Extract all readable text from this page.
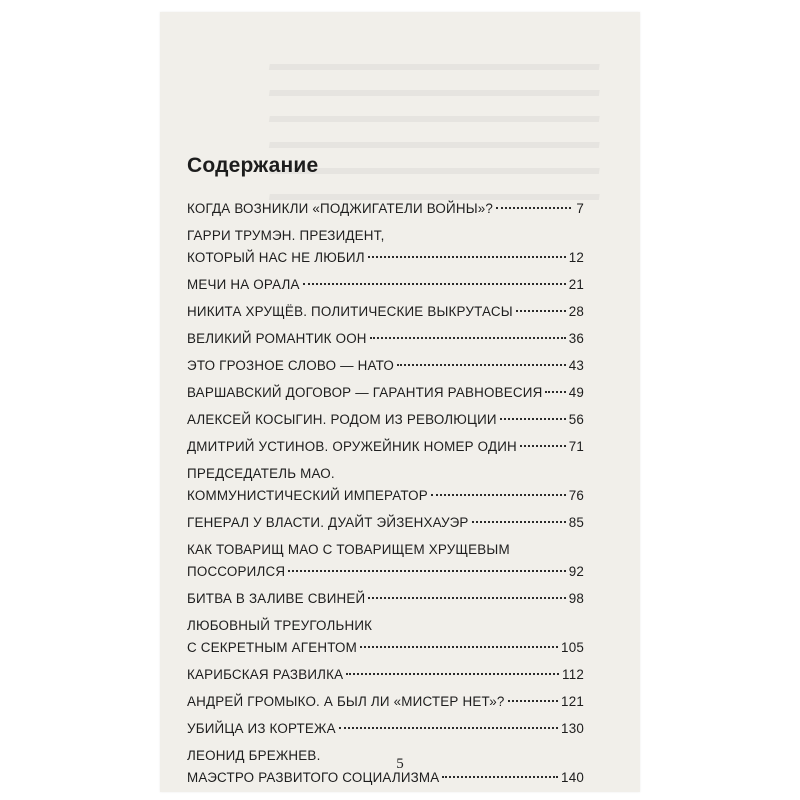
Содержание
КОГДА ВОЗНИКЛИ «ПОДЖИГАТЕЛИ ВОЙНЫ»?	7
ГАРРИ ТРУМЭН. ПРЕЗИДЕНТ,
КОТОРЫЙ НАС НЕ ЛЮБИЛ	12
МЕЧИ НА ОРАЛА	21
НИКИТА ХРУЩЁВ. ПОЛИТИЧЕСКИЕ ВЫКРУТАСЫ	28
ВЕЛИКИЙ РОМАНТИК ООН	36
ЭТО ГРОЗНОЕ СЛОВО — НАТО	43
ВАРШАВСКИЙ ДОГОВОР — ГАРАНТИЯ РАВНОВЕСИЯ 49
АЛЕКСЕЙ КОСЫГИН. РОДОМ ИЗ РЕВОЛЮЦИИ	56
ДМИТРИЙ УСТИНОВ. ОРУЖЕЙНИК НОМЕР ОДИН	71
ПРЕДСЕДАТЕЛЬ МАО.
КОММУНИСТИЧЕСКИЙ ИМПЕРАТОР	76
ГЕНЕРАЛ У ВЛАСТИ. ДУАЙТ ЭЙЗЕНХАУЭР	85
КАК ТОВАРИЩ МАО С ТОВАРИЩЕМ ХРУЩЕВЫМ
ПОССОРИЛСЯ	92
БИТВА В ЗАЛИВЕ СВИНЕЙ	98
ЛЮБОВНЫЙ ТРЕУГОЛЬНИК
С СЕКРЕТНЫМ АГЕНТОМ	105
КАРИБСКАЯ РАЗВИЛКА	112
АНДРЕЙ ГРОМЫКО. А БЫЛ ЛИ «МИСТЕР НЕТ»?	121
УБИЙЦА ИЗ КОРТЕЖА	130
ЛЕОНИД БРЕЖНЕВ.
МАЭСТРО РАЗВИТОГО СОЦИАЛИЗМА	140
5
